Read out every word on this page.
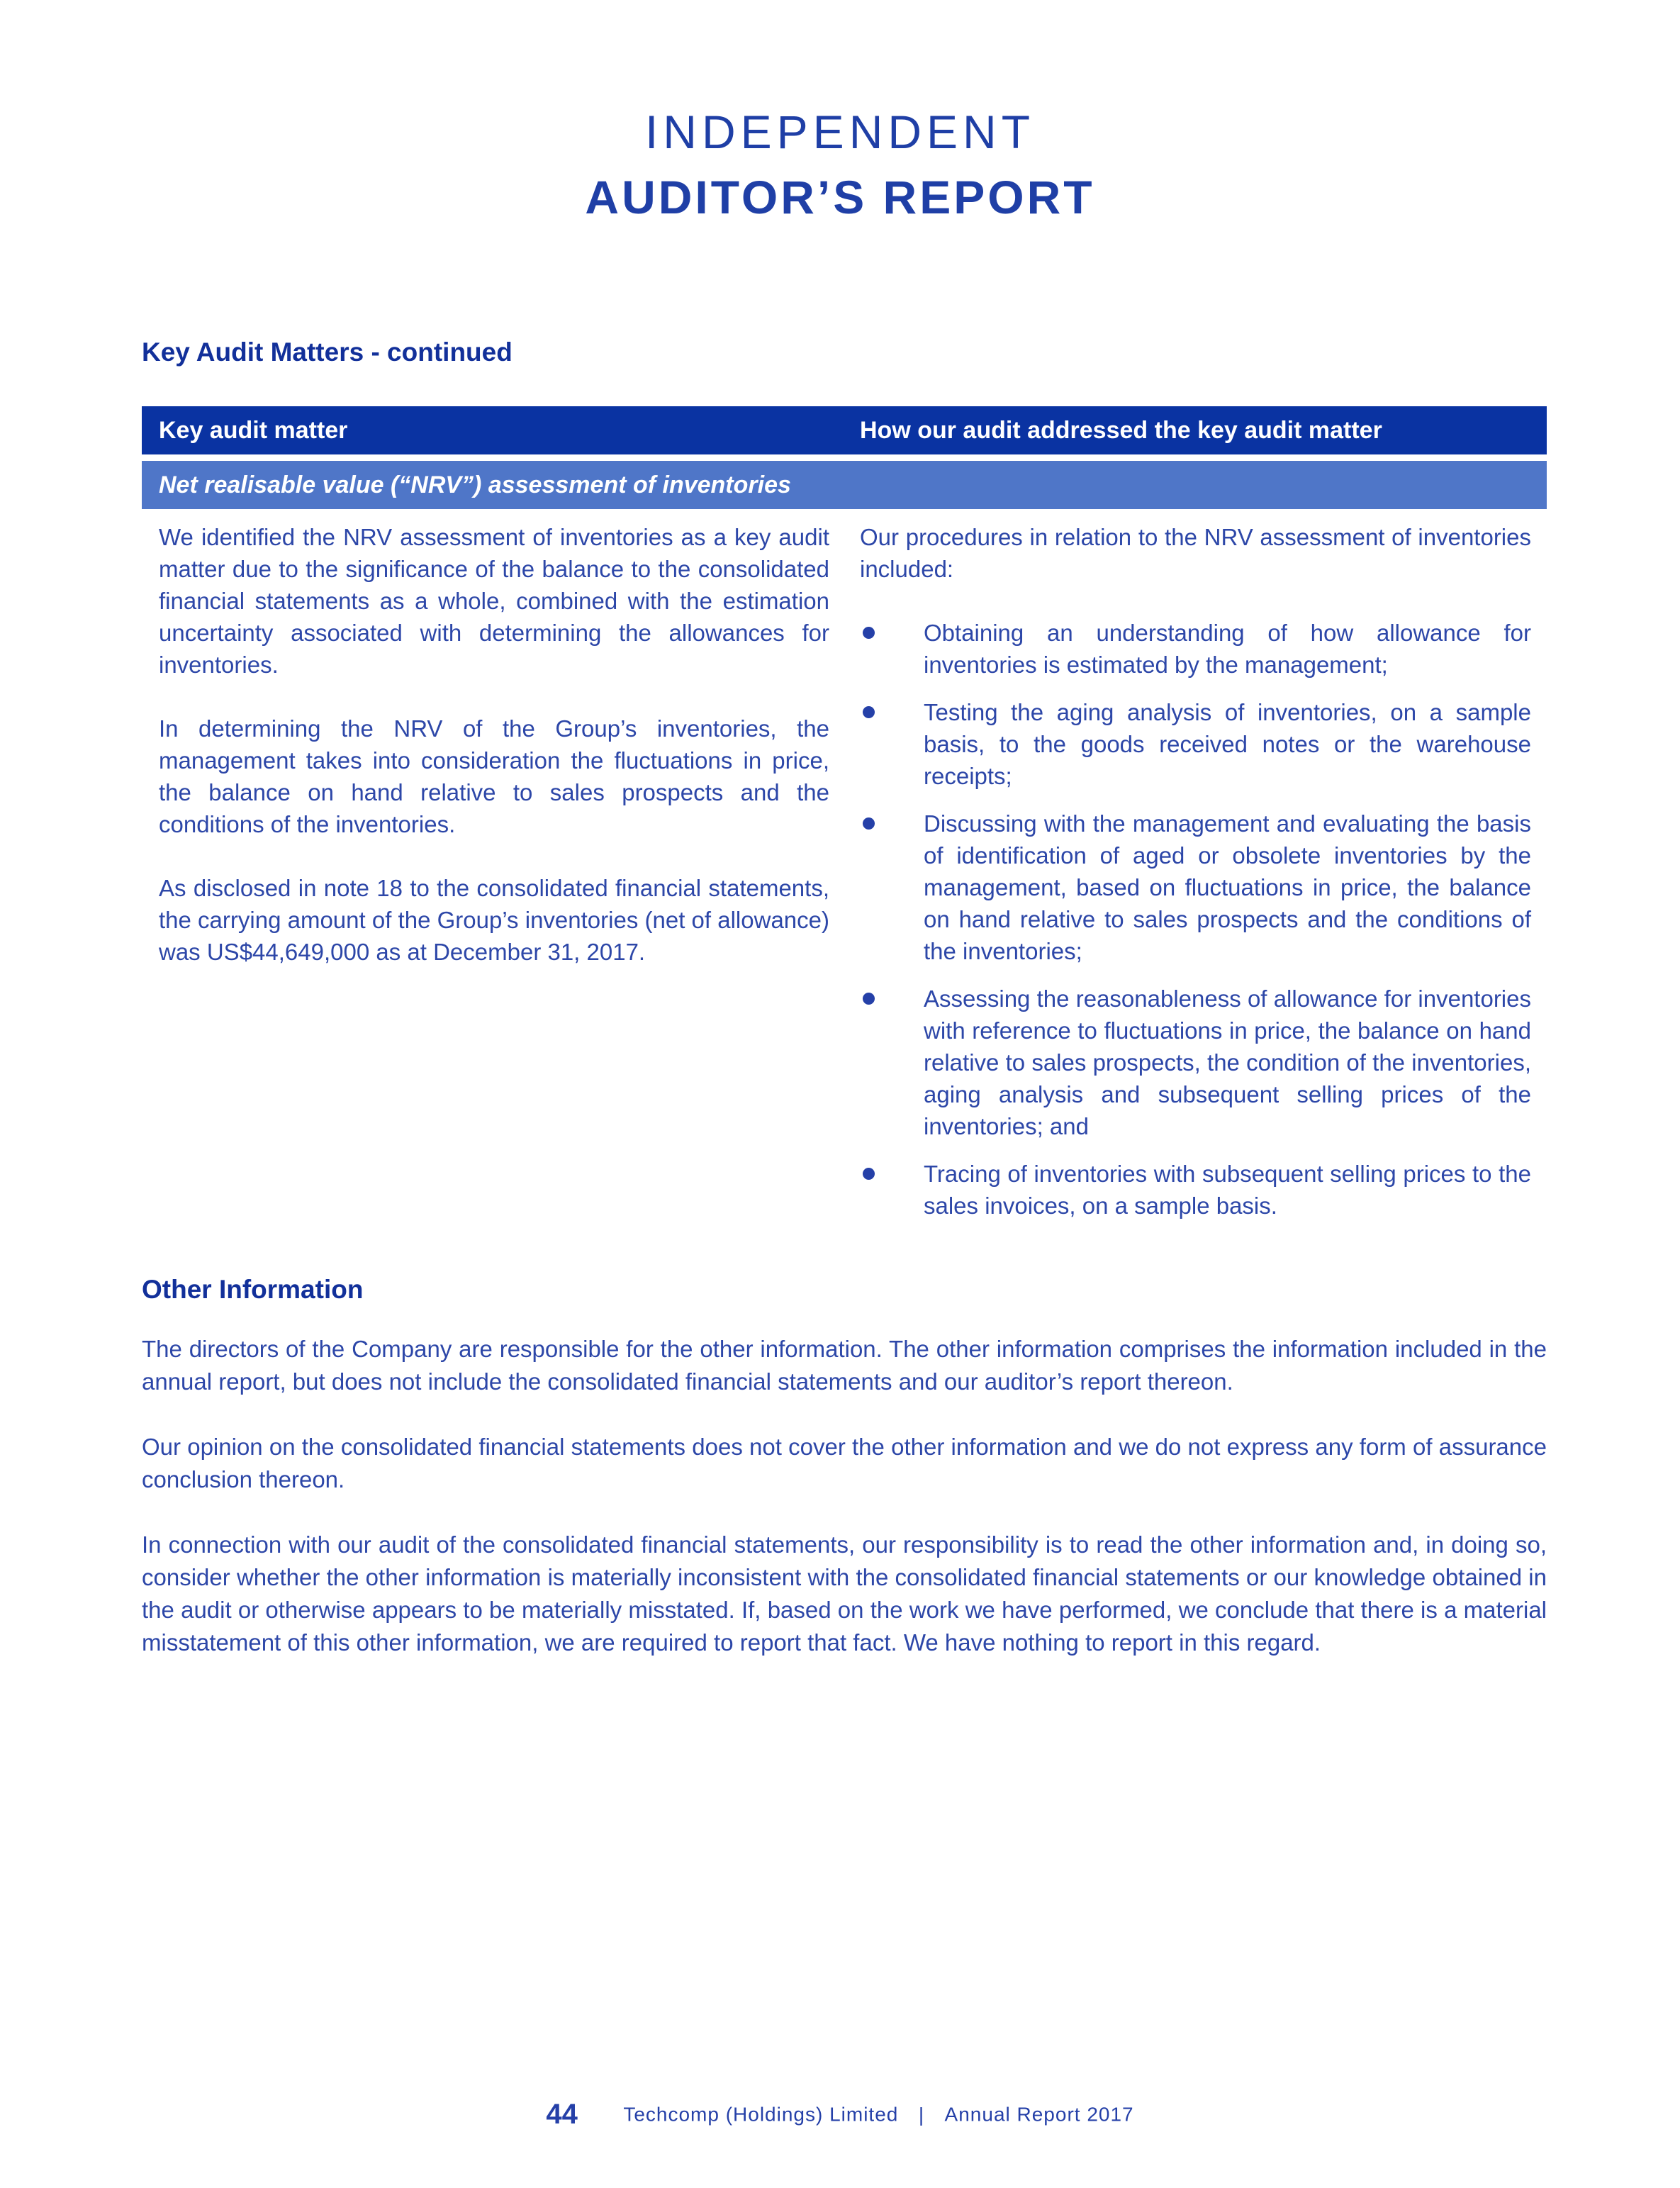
INDEPENDENT
AUDITOR’S REPORT
Key Audit Matters - continued
Key audit matter	How our audit addressed the key audit matter
Net realisable value (“NRV”) assessment of inventories

We identified the NRV assessment of inventories as a key audit matter due to the significance of the balance to the consolidated financial statements as a whole, combined with the estimation uncertainty associated with determining the allowances for inventories.

In determining the NRV of the Group’s inventories, the management takes into consideration the fluctuations in price, the balance on hand relative to sales prospects and the conditions of the inventories.

As disclosed in note 18 to the consolidated financial statements, the carrying amount of the Group’s inventories (net of allowance) was US$44,649,000 as at December 31, 2017.

Our procedures in relation to the NRV assessment of inventories included:

Obtaining an understanding of how allowance for inventories is estimated by the management;
Testing the aging analysis of inventories, on a sample basis, to the goods received notes or the warehouse receipts;
Discussing with the management and evaluating the basis of identification of aged or obsolete inventories by the management, based on fluctuations in price, the balance on hand relative to sales prospects and the conditions of the inventories;
Assessing the reasonableness of allowance for inventories with reference to fluctuations in price, the balance on hand relative to sales prospects, the condition of the inventories, aging analysis and subsequent selling prices of the inventories; and
Tracing of inventories with subsequent selling prices to the sales invoices, on a sample basis.
Other Information

The directors of the Company are responsible for the other information. The other information comprises the information included in the annual report, but does not include the consolidated financial statements and our auditor’s report thereon.

Our opinion on the consolidated financial statements does not cover the other information and we do not express any form of assurance conclusion thereon.

In connection with our audit of the consolidated financial statements, our responsibility is to read the other information and, in doing so, consider whether the other information is materially inconsistent with the consolidated financial statements or our knowledge obtained in the audit or otherwise appears to be materially misstated. If, based on the work we have performed, we conclude that there is a material misstatement of this other information, we are required to report that fact. We have nothing to report in this regard.

44 Techcomp (Holdings) Limited | Annual Report 2017
